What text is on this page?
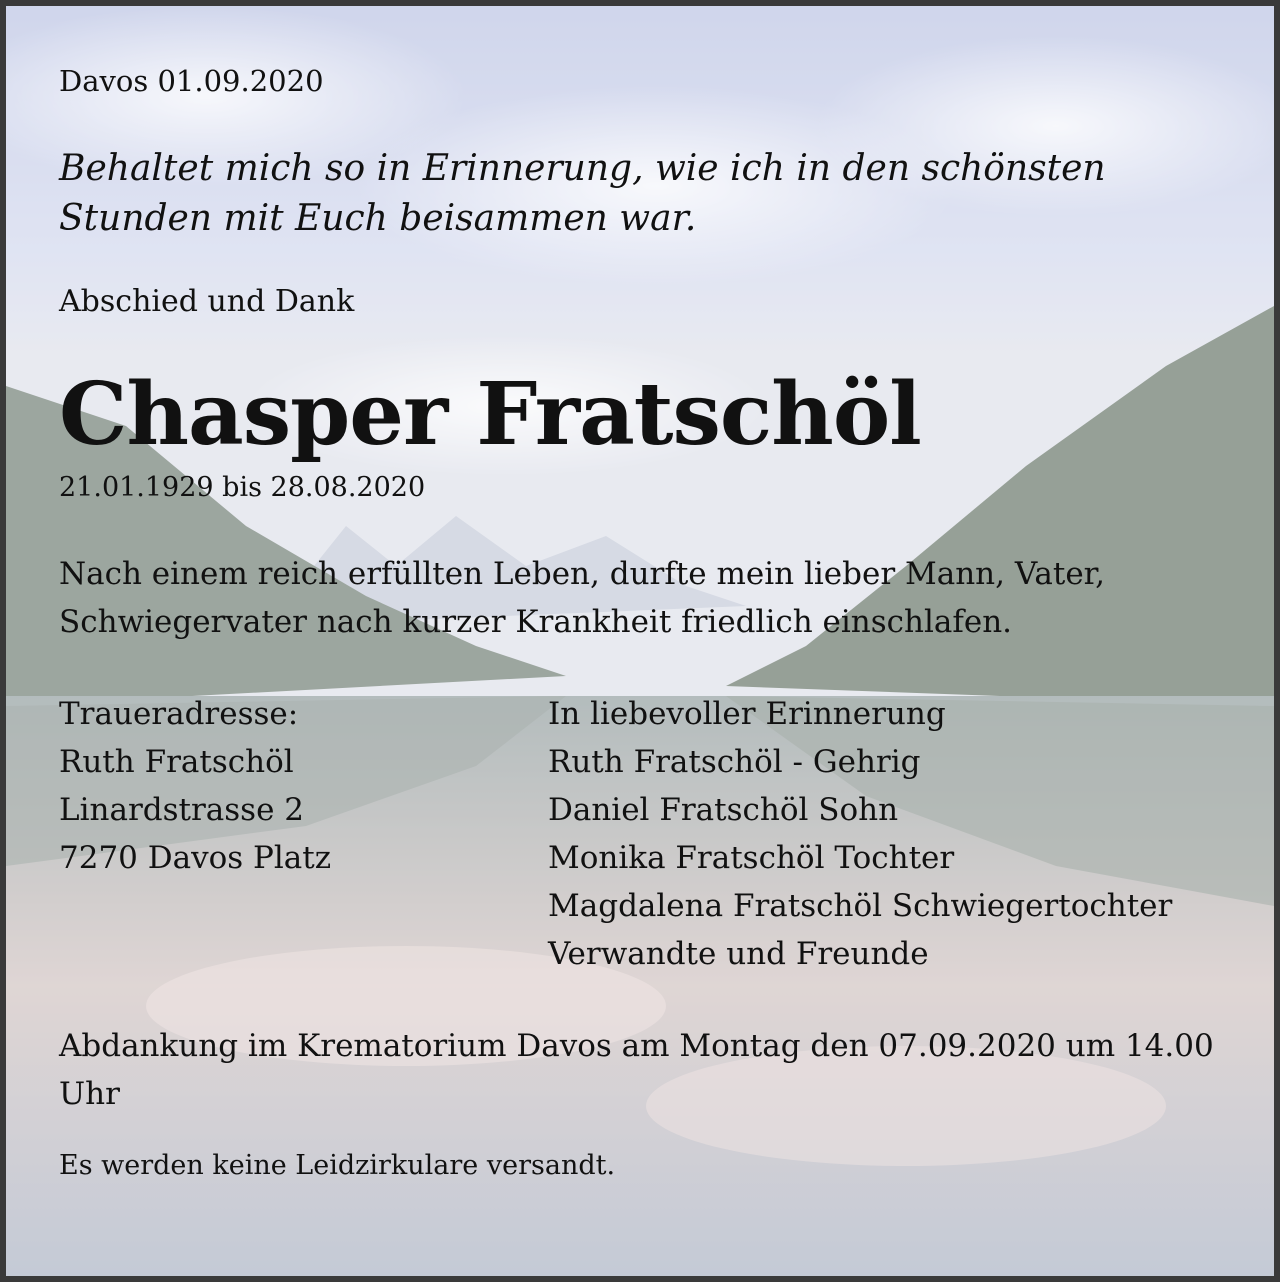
Davos 01.09.2020
Behaltet mich so in Erinnerung, wie ich in den schönsten
Stunden mit Euch beisammen war.
Abschied und Dank
Chasper Fratschöl
21.01.1929 bis 28.08.2020
Nach einem reich erfüllten Leben, durfte mein lieber Mann, Vater,
Schwiegervater nach kurzer Krankheit friedlich einschlafen.
Traueradresse:
Ruth Fratschöl
Linardstrasse 2
7270 Davos Platz
In liebevoller Erinnerung
Ruth Fratschöl - Gehrig
Daniel Fratschöl Sohn
Monika Fratschöl Tochter
Magdalena Fratschöl Schwiegertochter
Verwandte und Freunde
Abdankung im Krematorium Davos am Montag den 07.09.2020 um 14.00
Uhr
Es werden keine Leidzirkulare versandt.
